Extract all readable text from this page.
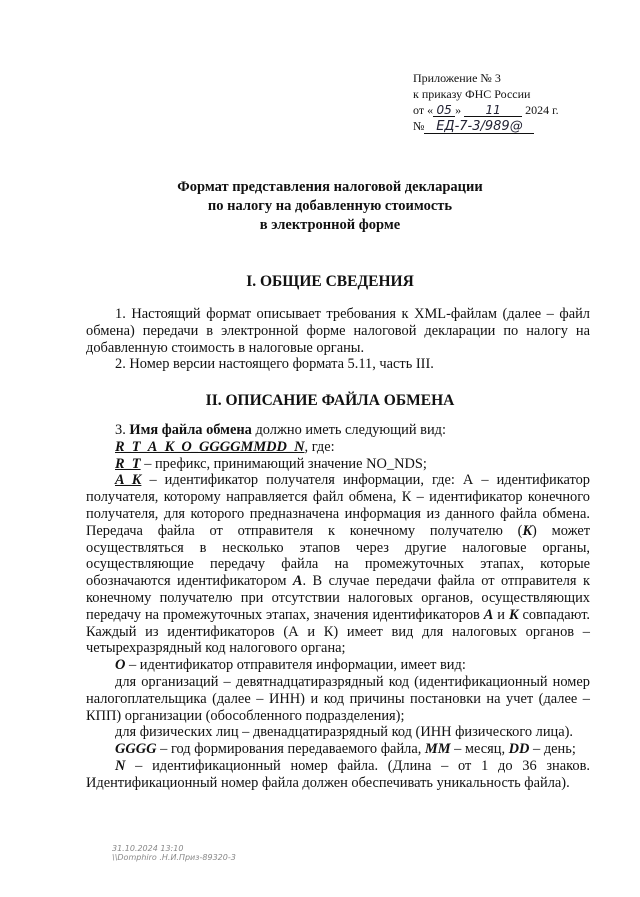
Приложение № 3
к приказу ФНС России
от « 05 » 11 2024 г.
№ ЕД-7-3/989@
Формат представления налоговой декларации
по налогу на добавленную стоимость
в электронной форме
I. ОБЩИЕ СВЕДЕНИЯ

1. Настоящий формат описывает требования к XML-файлам (далее – файл обмена) передачи в электронной форме налоговой декларации по налогу на добавленную стоимость в налоговые органы.

2. Номер версии настоящего формата 5.11, часть III.

II. ОПИСАНИЕ ФАЙЛА ОБМЕНА

3. Имя файла обмена должно иметь следующий вид:

R_T_A_K_O_GGGGMMDD_N, где:

R_T – префикс, принимающий значение NO_NDS;

A_K – идентификатор получателя информации, где: А – идентификатор получателя, которому направляется файл обмена, К – идентификатор конечного получателя, для которого предназначена информация из данного файла обмена. Передача файла от отправителя к конечному получателю (K) может осуществляться в несколько этапов через другие налоговые органы, осуществляющие передачу файла на промежуточных этапах, которые обозначаются идентификатором A. В случае передачи файла от отправителя к конечному получателю при отсутствии налоговых органов, осуществляющих передачу на промежуточных этапах, значения идентификаторов A и K совпадают. Каждый из идентификаторов (А и К) имеет вид для налоговых органов – четырехразрядный код налогового органа;

O – идентификатор отправителя информации, имеет вид:

для организаций – девятнадцатиразрядный код (идентификационный номер налогоплательщика (далее – ИНН) и код причины постановки на учет (далее – КПП) организации (обособленного подразделения);

для физических лиц – двенадцатиразрядный код (ИНН физического лица).

GGGG – год формирования передаваемого файла, MM – месяц, DD – день;

N – идентификационный номер файла. (Длина – от 1 до 36 знаков. Идентификационный номер файла должен обеспечивать уникальность файла).

31.10.2024 13:10
\\Domphiro .Н.И.Приз-89320-3
